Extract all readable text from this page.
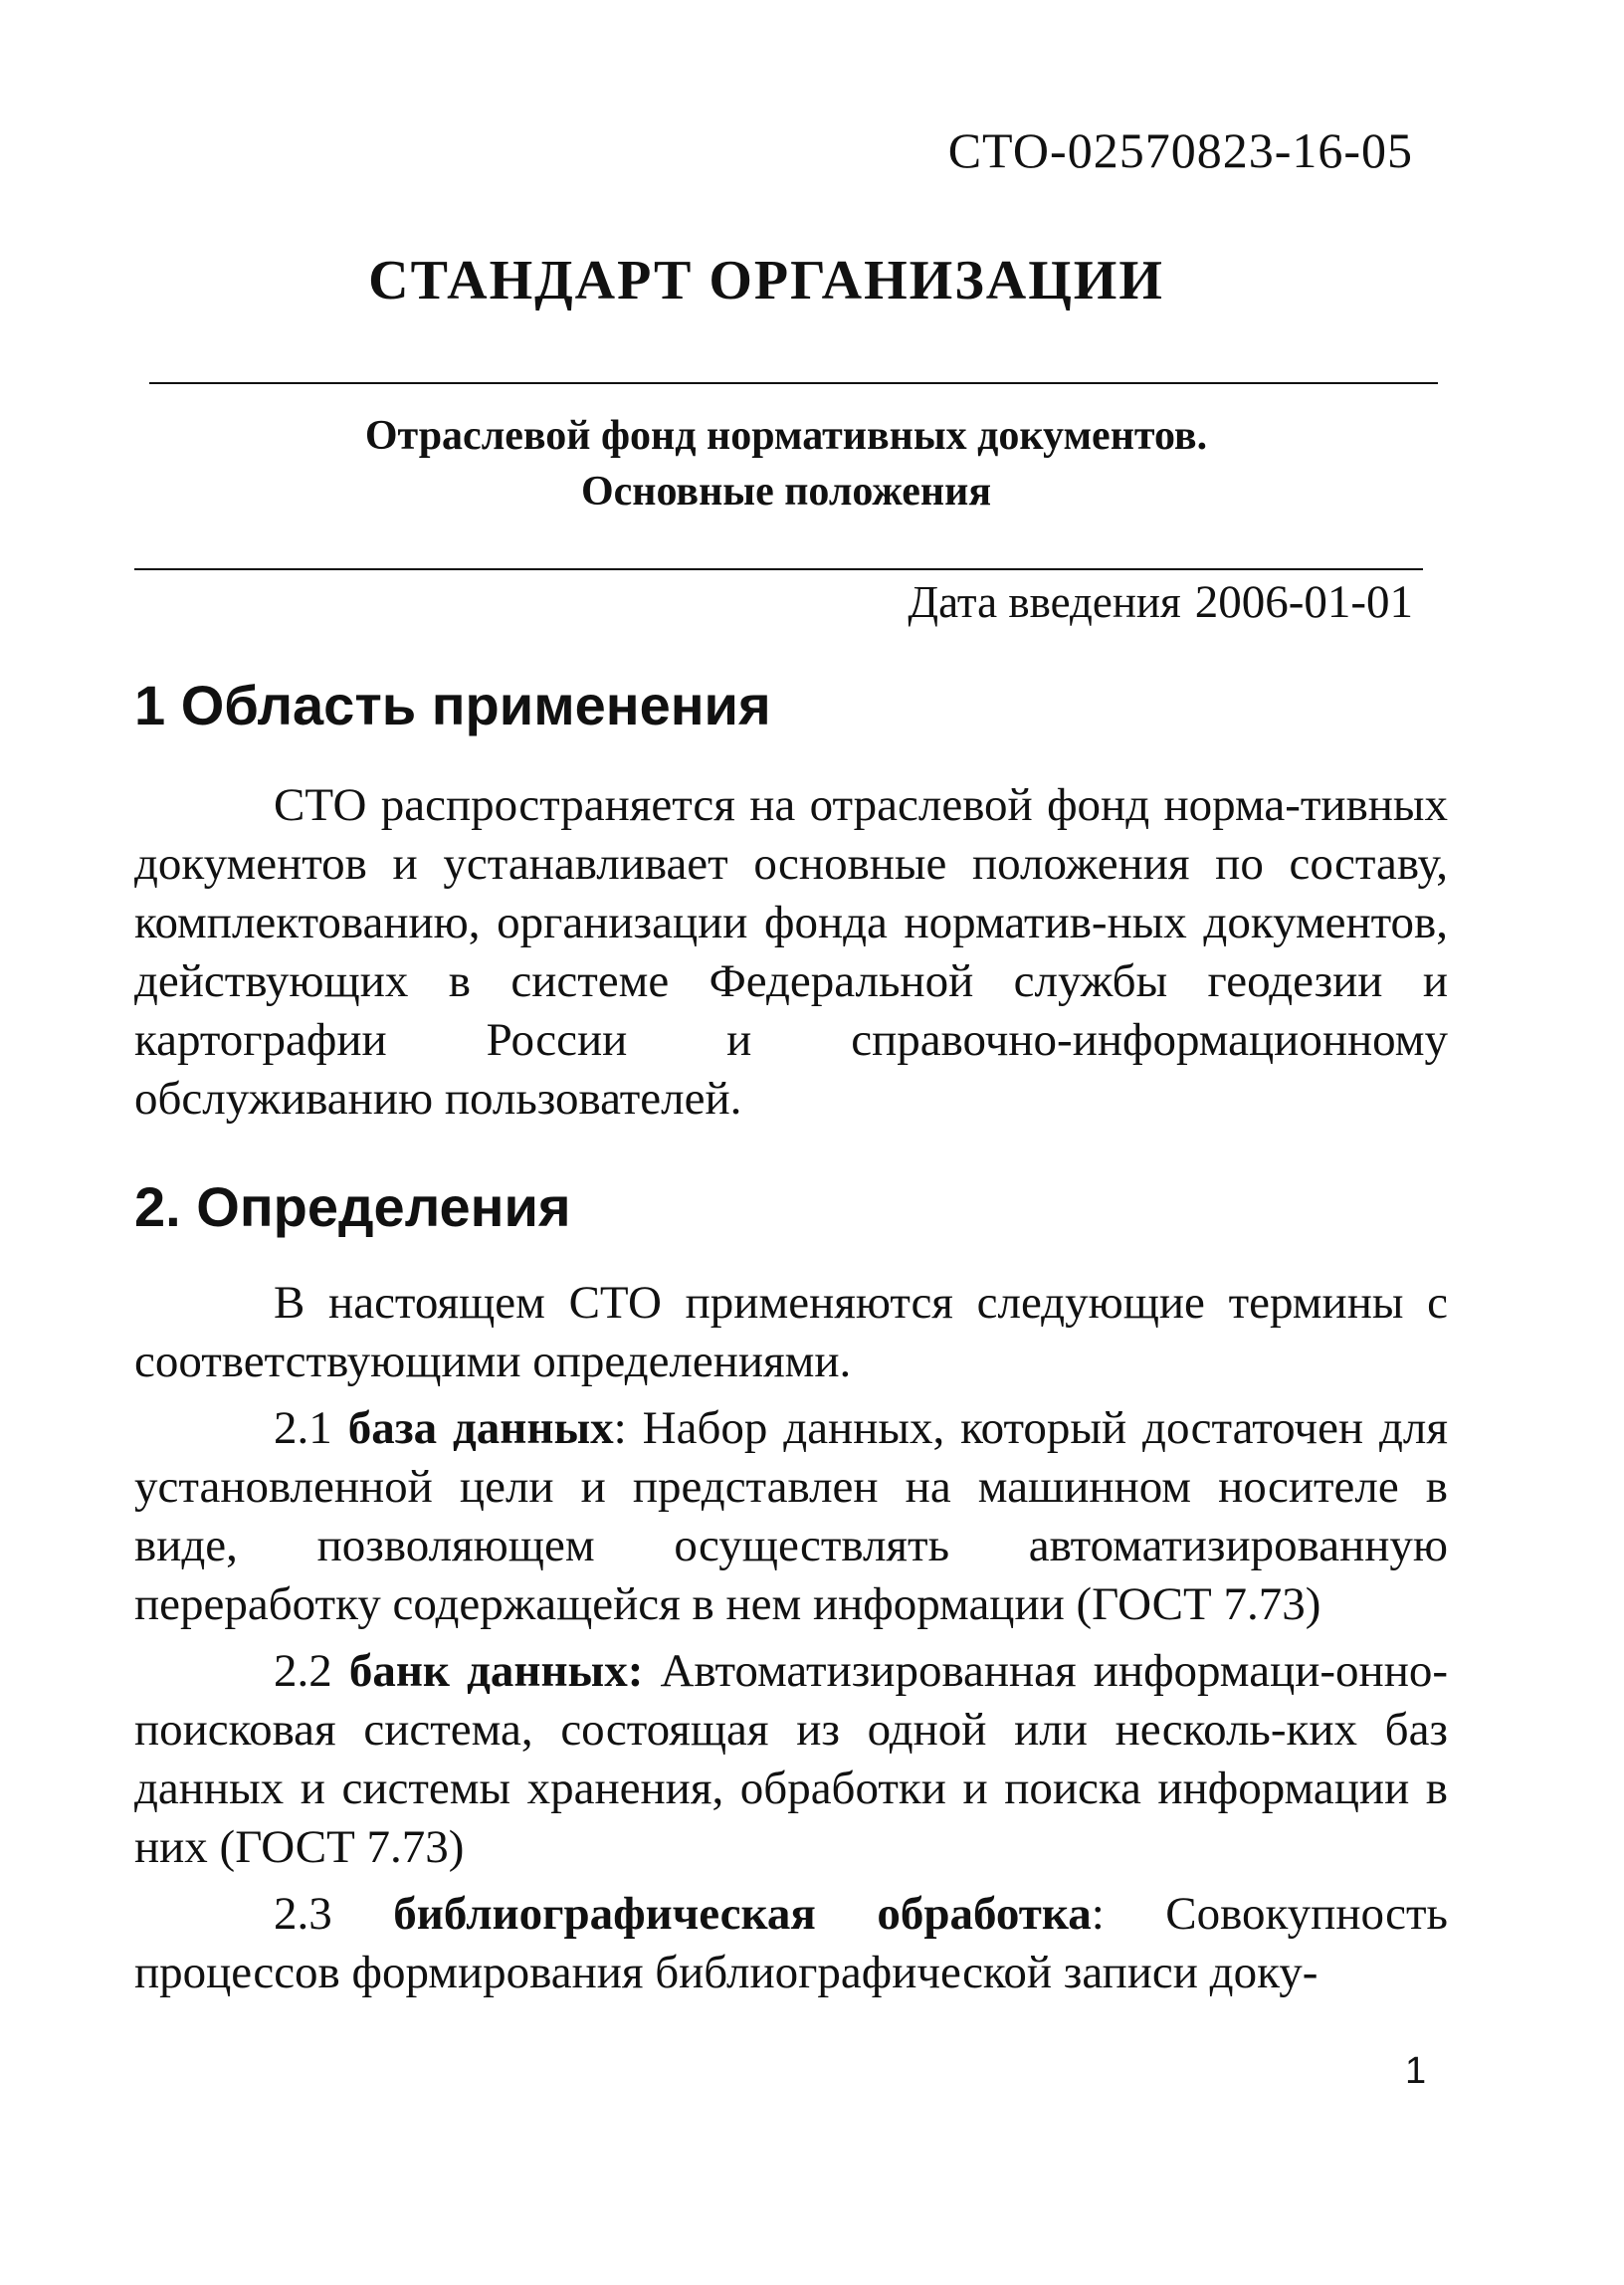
СТО-02570823-16-05
СТАНДАРТ ОРГАНИЗАЦИИ
Отраслевой фонд нормативных документов.
Основные положения
Дата введения 2006-01-01
1 Область применения

СТО распространяется на отраслевой фонд норма-тивных документов и устанавливает основные положения по составу, комплектованию, организации фонда норматив-ных документов, действующих в системе Федеральной службы геодезии и картографии России и справочно-информационному обслуживанию пользователей.

2. Определения

В настоящем СТО применяются следующие термины с соответствующими определениями.

2.1 база данных: Набор данных, который достаточен для установленной цели и представлен на машинном носителе в виде, позволяющем осуществлять автоматизированную переработку содержащейся в нем информации (ГОСТ 7.73)

2.2 банк данных: Автоматизированная информаци-онно-поисковая система, состоящая из одной или несколь-ких баз данных и системы хранения, обработки и поиска информации в них (ГОСТ 7.73)

2.3 библиографическая обработка: Совокупность процессов формирования библиографической записи доку-

1
